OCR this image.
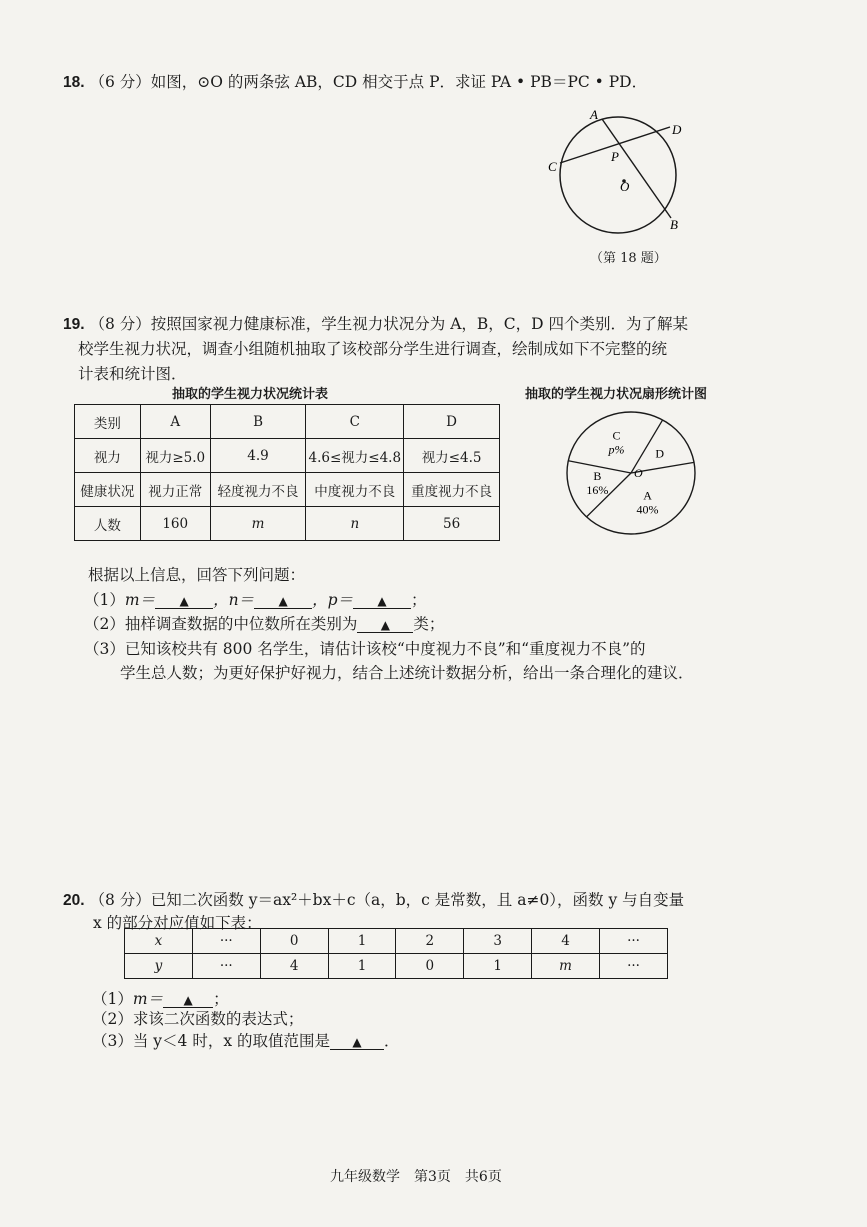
18. （6 分）如图，⊙O 的两条弦 AB，CD 相交于点 P．求证 PA • PB＝PC • PD．
A
D
C
P
O
B
（第 18 题）
19. （8 分）按照国家视力健康标准，学生视力状况分为 A，B，C，D 四个类别．为了解某
校学生视力状况，调查小组随机抽取了该校部分学生进行调查，绘制成如下不完整的统
计表和统计图．
抽取的学生视力状况统计表	抽取的学生视力状况扇形统计图
类别	A	B	C	D
视力	视力≥5.0	4.9	4.6≤视力≤4.8	视力≤4.5
健康状况	视力正常	轻度视力不良	中度视力不良	重度视力不良
人数	160	m	n	56
A
40%
B
16%
C
p%	D
O
根据以上信息，回答下列问题：
（1）m＝ ▲ ，n＝ ▲ ，p＝ ▲ ；
（2）抽样调查数据的中位数所在类别为 ▲ 类；
（3）已知该校共有 800 名学生，请估计该校“中度视力不良”和“重度视力不良”的
学生总人数；为更好保护好视力，结合上述统计数据分析，给出一条合理化的建议．
20. （8 分）已知二次函数 y＝ax²＋bx＋c（a，b，c 是常数，且 a≠0），函数 y 与自变量
x 的部分对应值如下表：
x	···	0	1	2	3	4	···
y	···	4	1	0	1	m	···
（1）m＝ ▲ ；
（2）求该二次函数的表达式；
（3）当 y＜4 时，x 的取值范围是 ▲ ．
九年级数学　第3页　共6页
